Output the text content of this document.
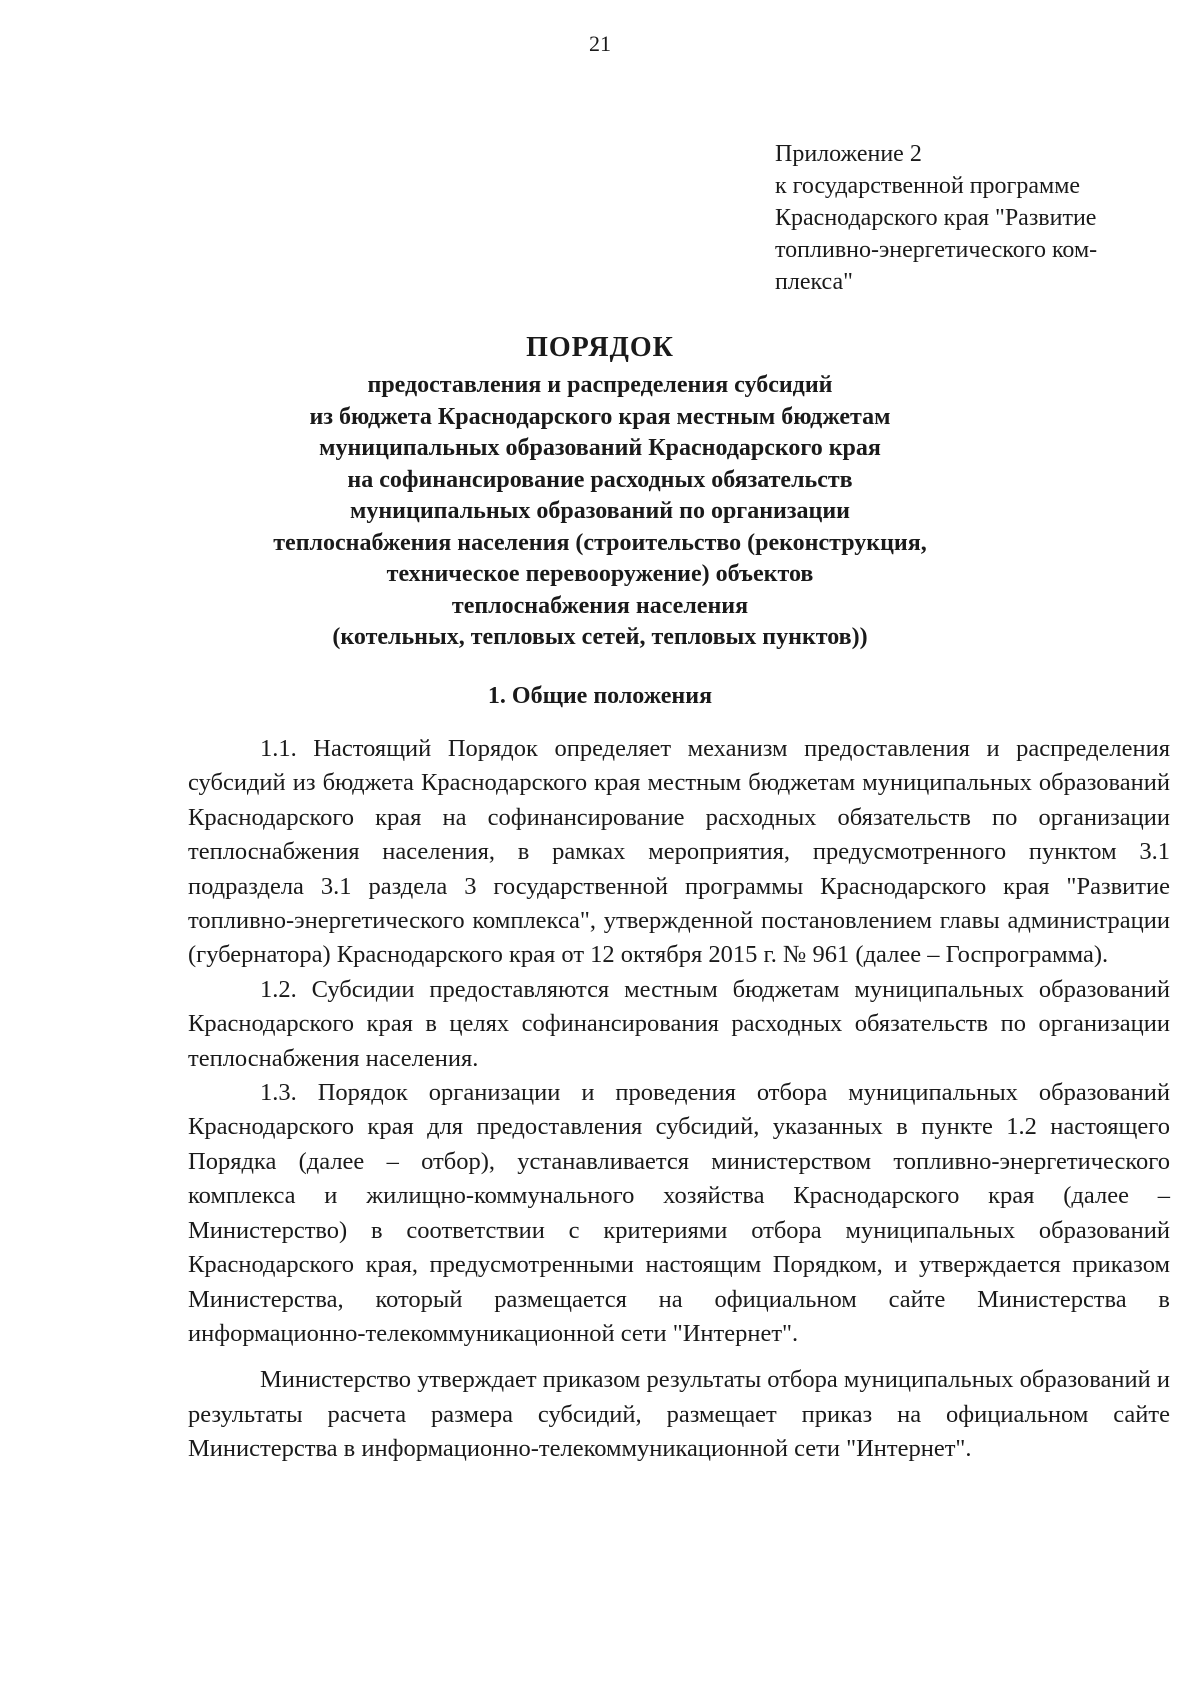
21
Приложение 2
к государственной программе
Краснодарского края "Развитие
топливно-энергетического ком-
плекса"
ПОРЯДОК
предоставления и распределения субсидий
из бюджета Краснодарского края местным бюджетам
муниципальных образований Краснодарского края
на софинансирование расходных обязательств
муниципальных образований по организации
теплоснабжения населения (строительство (реконструкция,
техническое перевооружение) объектов
теплоснабжения населения
(котельных, тепловых сетей, тепловых пунктов))
1. Общие положения

1.1. Настоящий Порядок определяет механизм предоставления и распределения субсидий из бюджета Краснодарского края местным бюджетам муниципальных образований Краснодарского края на софинансирование расходных обязательств по организации теплоснабжения населения, в рамках мероприятия, предусмотренного пунктом 3.1 подраздела 3.1 раздела 3 государственной программы Краснодарского края "Развитие топливно-энергетического комплекса", утвержденной постановлением главы администрации (губернатора) Краснодарского края от 12 октября 2015 г. № 961 (далее – Госпрограмма).

1.2. Субсидии предоставляются местным бюджетам муниципальных образований Краснодарского края в целях софинансирования расходных обязательств по организации теплоснабжения населения.

1.3. Порядок организации и проведения отбора муниципальных образований Краснодарского края для предоставления субсидий, указанных в пункте 1.2 настоящего Порядка (далее – отбор), устанавливается министерством топливно-энергетического комплекса и жилищно-коммунального хозяйства Краснодарского края (далее – Министерство) в соответствии с критериями отбора муниципальных образований Краснодарского края, предусмотренными настоящим Порядком, и утверждается приказом Министерства, который размещается на официальном сайте Министерства в информационно-телекоммуникационной сети "Интернет".

Министерство утверждает приказом результаты отбора муниципальных образований и результаты расчета размера субсидий, размещает приказ на официальном сайте Министерства в информационно-телекоммуникационной сети "Интернет".
